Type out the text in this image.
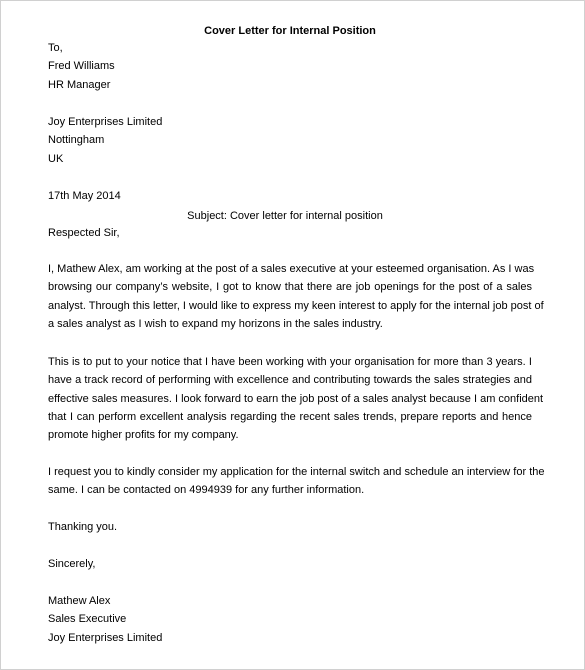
Cover Letter for Internal Position
To,
Fred Williams
HR Manager
Joy Enterprises Limited
Nottingham
UK
17th May 2014
Subject: Cover letter for internal position
Respected Sir,
I, Mathew Alex, am working at the post of a sales executive at your esteemed organisation. As I was
browsing our company’s website, I got to know that there are job openings for the post of a sales
analyst. Through this letter, I would like to express my keen interest to apply for the internal job post of
a sales analyst as I wish to expand my horizons in the sales industry.
This is to put to your notice that I have been working with your organisation for more than 3 years. I
have a track record of performing with excellence and contributing towards the sales strategies and
effective sales measures. I look forward to earn the job post of a sales analyst because I am confident
that I can perform excellent analysis regarding the recent sales trends, prepare reports and hence
promote higher profits for my company.
I request you to kindly consider my application for the internal switch and schedule an interview for the
same. I can be contacted on 4994939 for any further information.
Thanking you.
Sincerely,
Mathew Alex
Sales Executive
Joy Enterprises Limited
